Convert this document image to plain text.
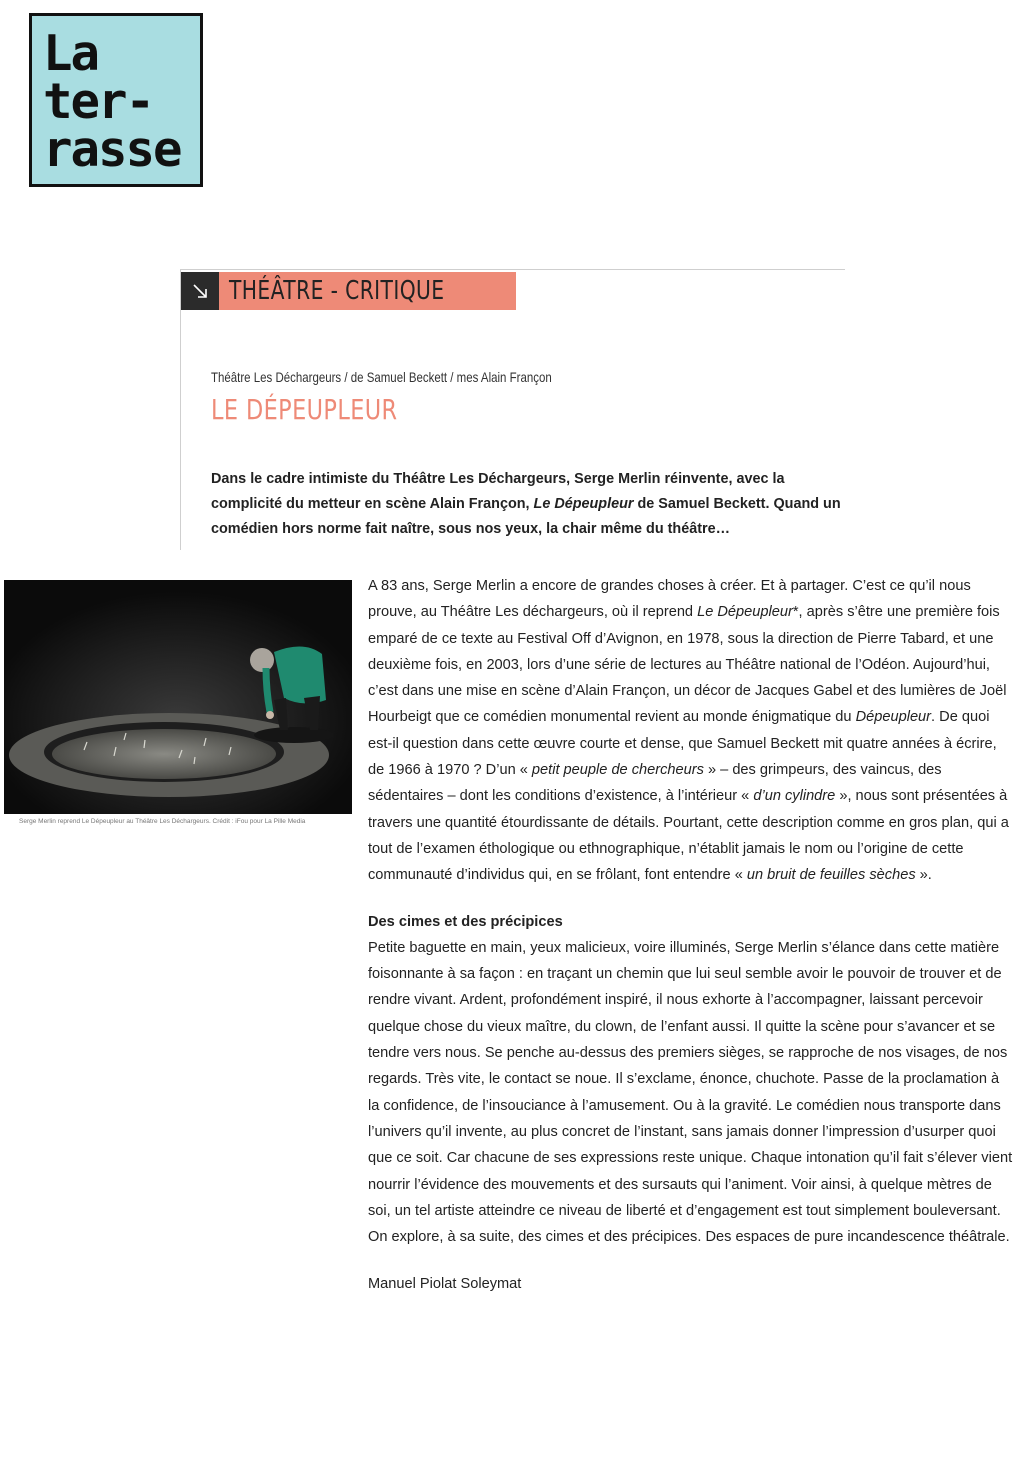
La
ter-
rasse
THÉÂTRE - CRITIQUE
Théâtre Les Déchargeurs / de Samuel Beckett / mes Alain Françon
LE DÉPEUPLEUR
Dans le cadre intimiste du Théâtre Les Déchargeurs, Serge Merlin réinvente, avec la complicité du metteur en scène Alain Françon, Le Dépeupleur de Samuel Beckett. Quand un comédien hors norme fait naître, sous nos yeux, la chair même du théâtre…
Serge Merlin reprend Le Dépeupleur au Théâtre Les Déchargeurs. Crédit : iFou pour La Pille Media

A 83 ans, Serge Merlin a encore de grandes choses à créer. Et à partager. C’est ce qu’il nous prouve, au Théâtre Les déchargeurs, où il reprend Le Dépeupleur*, après s’être une première fois emparé de ce texte au Festival Off d’Avignon, en 1978, sous la direction de Pierre Tabard, et une deuxième fois, en 2003, lors d’une série de lectures au Théâtre national de l’Odéon. Aujourd’hui, c’est dans une mise en scène d’Alain Françon, un décor de Jacques Gabel et des lumières de Joël Hourbeigt que ce comédien monumental revient au monde énigmatique du Dépeupleur. De quoi est-il question dans cette œuvre courte et dense, que Samuel Beckett mit quatre années à écrire, de 1966 à 1970 ? D’un « petit peuple de chercheurs » – des grimpeurs, des vaincus, des sédentaires – dont les conditions d’existence, à l’intérieur « d’un cylindre », nous sont présentées à travers une quantité étourdissante de détails. Pourtant, cette description comme en gros plan, qui a tout de l’examen éthologique ou ethnographique, n’établit jamais le nom ou l’origine de cette communauté d’individus qui, en se frôlant, font entendre « un bruit de feuilles sèches ».

Des cimes et des précipices

Petite baguette en main, yeux malicieux, voire illuminés, Serge Merlin s’élance dans cette matière foisonnante à sa façon : en traçant un chemin que lui seul semble avoir le pouvoir de trouver et de rendre vivant. Ardent, profondément inspiré, il nous exhorte à l’accompagner, laissant percevoir quelque chose du vieux maître, du clown, de l’enfant aussi. Il quitte la scène pour s’avancer et se tendre vers nous. Se penche au-dessus des premiers sièges, se rapproche de nos visages, de nos regards. Très vite, le contact se noue. Il s’exclame, énonce, chuchote. Passe de la proclamation à la confidence, de l’insouciance à l’amusement. Ou à la gravité. Le comédien nous transporte dans l’univers qu’il invente, au plus concret de l’instant, sans jamais donner l’impression d’usurper quoi que ce soit. Car chacune de ses expressions reste unique. Chaque intonation qu’il fait s’élever vient nourrir l’évidence des mouvements et des sursauts qui l’animent. Voir ainsi, à quelque mètres de soi, un tel artiste atteindre ce niveau de liberté et d’engagement est tout simplement bouleversant. On explore, à sa suite, des cimes et des précipices. Des espaces de pure incandescence théâtrale.

Manuel Piolat Soleymat
